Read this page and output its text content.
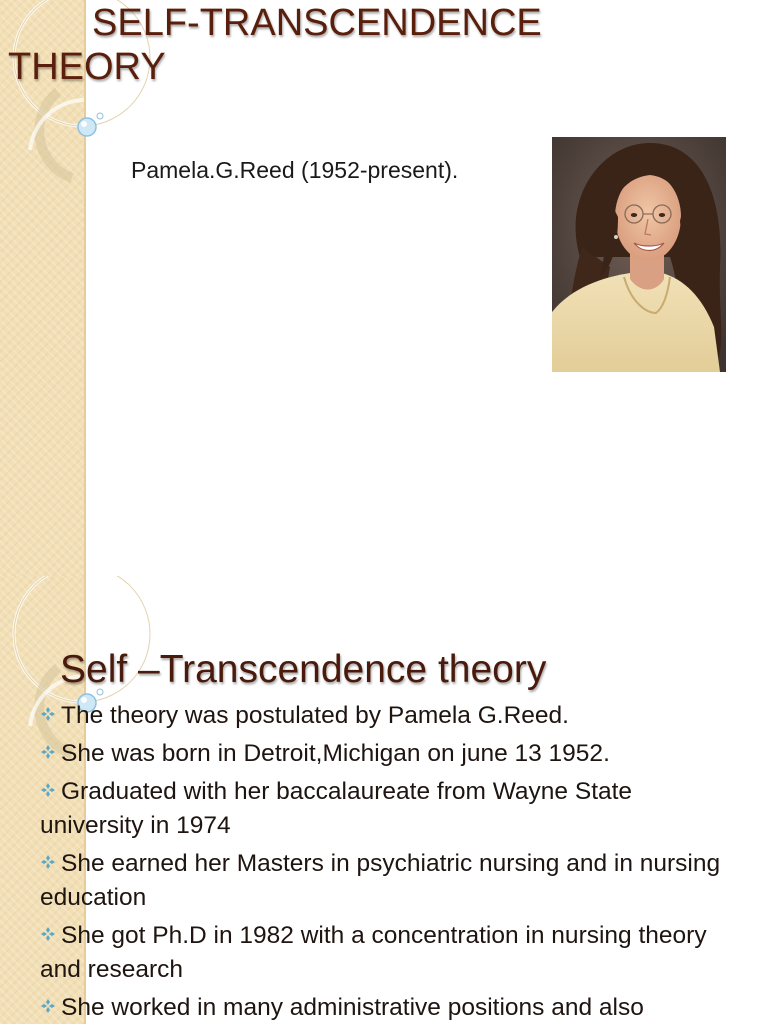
SELF-TRANSCENDENCE THEORY

Pamela.G.Reed (1952-present).

Self –Transcendence theory
The theory was postulated by Pamela G.Reed.
She was born in Detroit,Michigan on june 13 1952.
Graduated with her baccalaureate from Wayne State university in 1974
She earned her Masters in psychiatric nursing and in nursing education
She got Ph.D in 1982 with a concentration in nursing theory and research
She worked in many administrative positions and also
